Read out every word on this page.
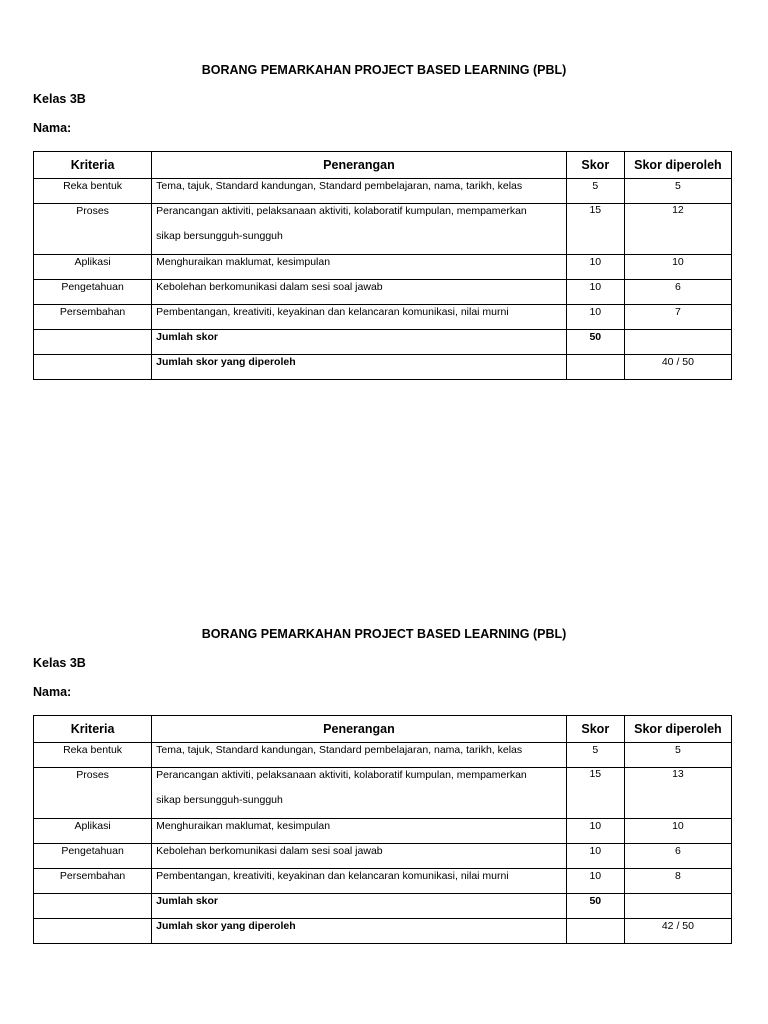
BORANG PEMARKAHAN PROJECT BASED LEARNING (PBL)
Kelas 3B
Nama:
Kriteria	Penerangan	Skor	Skor diperoleh

Reka bentuk	Tema, tajuk, Standard kandungan, Standard pembelajaran, nama, tarikh, kelas	5	5

Proses	Perancangan aktiviti, pelaksanaan aktiviti, kolaboratif kumpulan, mempamerkan
sikap bersungguh-sungguh	15	12

Aplikasi	Menghuraikan maklumat, kesimpulan	10	10

Pengetahuan	Kebolehan berkomunikasi dalam sesi soal jawab	10	6

Persembahan	Pembentangan, kreativiti, keyakinan dan kelancaran komunikasi, nilai murni	10	7

	Jumlah skor	50	

	Jumlah skor yang diperoleh		40 / 50
BORANG PEMARKAHAN PROJECT BASED LEARNING (PBL)
Kelas 3B
Nama:
Kriteria	Penerangan	Skor	Skor diperoleh

Reka bentuk	Tema, tajuk, Standard kandungan, Standard pembelajaran, nama, tarikh, kelas	5	5

Proses	Perancangan aktiviti, pelaksanaan aktiviti, kolaboratif kumpulan, mempamerkan
sikap bersungguh-sungguh	15	13

Aplikasi	Menghuraikan maklumat, kesimpulan	10	10

Pengetahuan	Kebolehan berkomunikasi dalam sesi soal jawab	10	6

Persembahan	Pembentangan, kreativiti, keyakinan dan kelancaran komunikasi, nilai murni	10	8

	Jumlah skor	50	

	Jumlah skor yang diperoleh		42 / 50
